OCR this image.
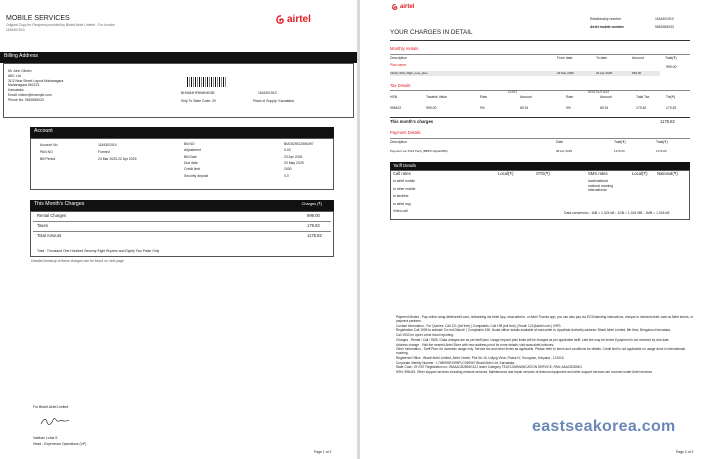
MOBILE SERVICES
Original Copy for Recipient provided by Bharti Airtel Limited - For Invoice
1184301910
airtel
Billing Address
Mr John Citizen
ABC Ltd
31/2 New Street Layout Mahanagara
Mahanagara 562123
Karnataka
Email: citizen@example.com
Phone No: 9663355033
BH0484HF8H8H4E8E	1184301910
Ship To State Code: 29	Place of Supply: Karnataka
Account
Account No	1184301910
PAN NO	Formed
Bill Period	23 Mar 2025-22 Apr 2025
Bill NO	BM2529012556397
Adjustment	0.00
Bill Date	23 Apr 2025
Due date	03 May 2025
Credit limit	2000
Security deposit	0.0
This Month's Charges	Charges (₹)
Rental Charges	999.00
Taxes	179.82
Total Amount	1178.82
Total : Thousand One Hundred Seventy Eight Rupees and Eighty Two Paise Only
Detailed breakup of these charges can be found on next page
For Bharti Airtel Limited
Vaibhav Lohia S.
Head - Experience Operations (VP)
Page 1 of 2
airtel
Relationship number	1184301910
Airtel mobile number	9663355033
YOUR CHARGES IN DETAIL
Monthly rentals
Description	From date	To date	Amount	Total(₹)
Plan name	999.00
Infinity 999_30gb_new_plan	23 Mar 2025	22 Apr 2025	999.00
Tax Details
CGST	SGST/UTGST
HSN	Taxable Value	Rate	Amount	Rate	Amount	Total Tax	Tot(₹)
998422	999.00	9%	89.91	9%	89.91	179.82	179.82
This month's charges	1178.82
Payment Details
Description	Date	Total(₹)	Total(₹)
Payment via Third Party (BBPS Digital/IBS)	08 Apr 2025	1179.00	1179.00
Tariff Details
Call rates	Local(₹)	STD(₹)	SMS rates	Local(₹) National(₹)
to airtel mobile
to other mobile
to landline
to airtel usg
Video call
local/national
national roaming
international
Data conversion : 1kB = 1,024 kB ; 1GB = 1,024 MB ; 1MB = 1,024 kB
Payment Modes - Pay online using debit/credit card, netbanking via Airtel App, www.airtel.in, or Airtel Thanks app; you can also pay via ECS/standing instructions, cheque or demand draft, cash at Airtel stores, or payment partners.
Contact information - For Queries: Call 121 (toll free) | Complaints: Call 198 (toll free) | Email: 121@airtel.com | IVRS.
Registration Call 1909 to activate 'Do not Disturb' | Complaints 198. Nodal officer details available at www.airtel.in; Appellate Authority address: Bharti Airtel Limited, 6th floor, Bengaluru Karnataka.
Call 1930 for cyber crime fraud reporting.
Charges - Rental / Call / SMS / Data charges are as per tariff plan. Usage beyond plan limits will be charged as per applicable tariff. Late fee may be levied if payment is not received by due date.
Address change - Visit the nearest Airtel Store with new address proof for more details; visit www.airtel.in/stores.
Other Information - Tariff Plan: for domestic usage only. Service tax and other levies as applicable. Please refer to terms and conditions for details. Credit limit is not applicable on usage done in international roaming.
Registered Office - Bharti Airtel Limited, Airtel Center, Plot No 16, Udyog Vihar, Phase IV, Gurugram, Haryana - 122015.
Corporate Identity Number : L74899HR1995PLC095967 Bharti Airtel Ltd, Karnataka.
State Code: 29 GST Registration no: 29AAACB2894G1ZJ under Category TELECOMMUNICATION SERVICE; PAN: AAACB2894G.
HSN: 998419. Other support services including network services. Maintenance and repair services of telecom equipment and other support services are covered under Airtel services.
eastseakorea.com
Page 2 of 2
